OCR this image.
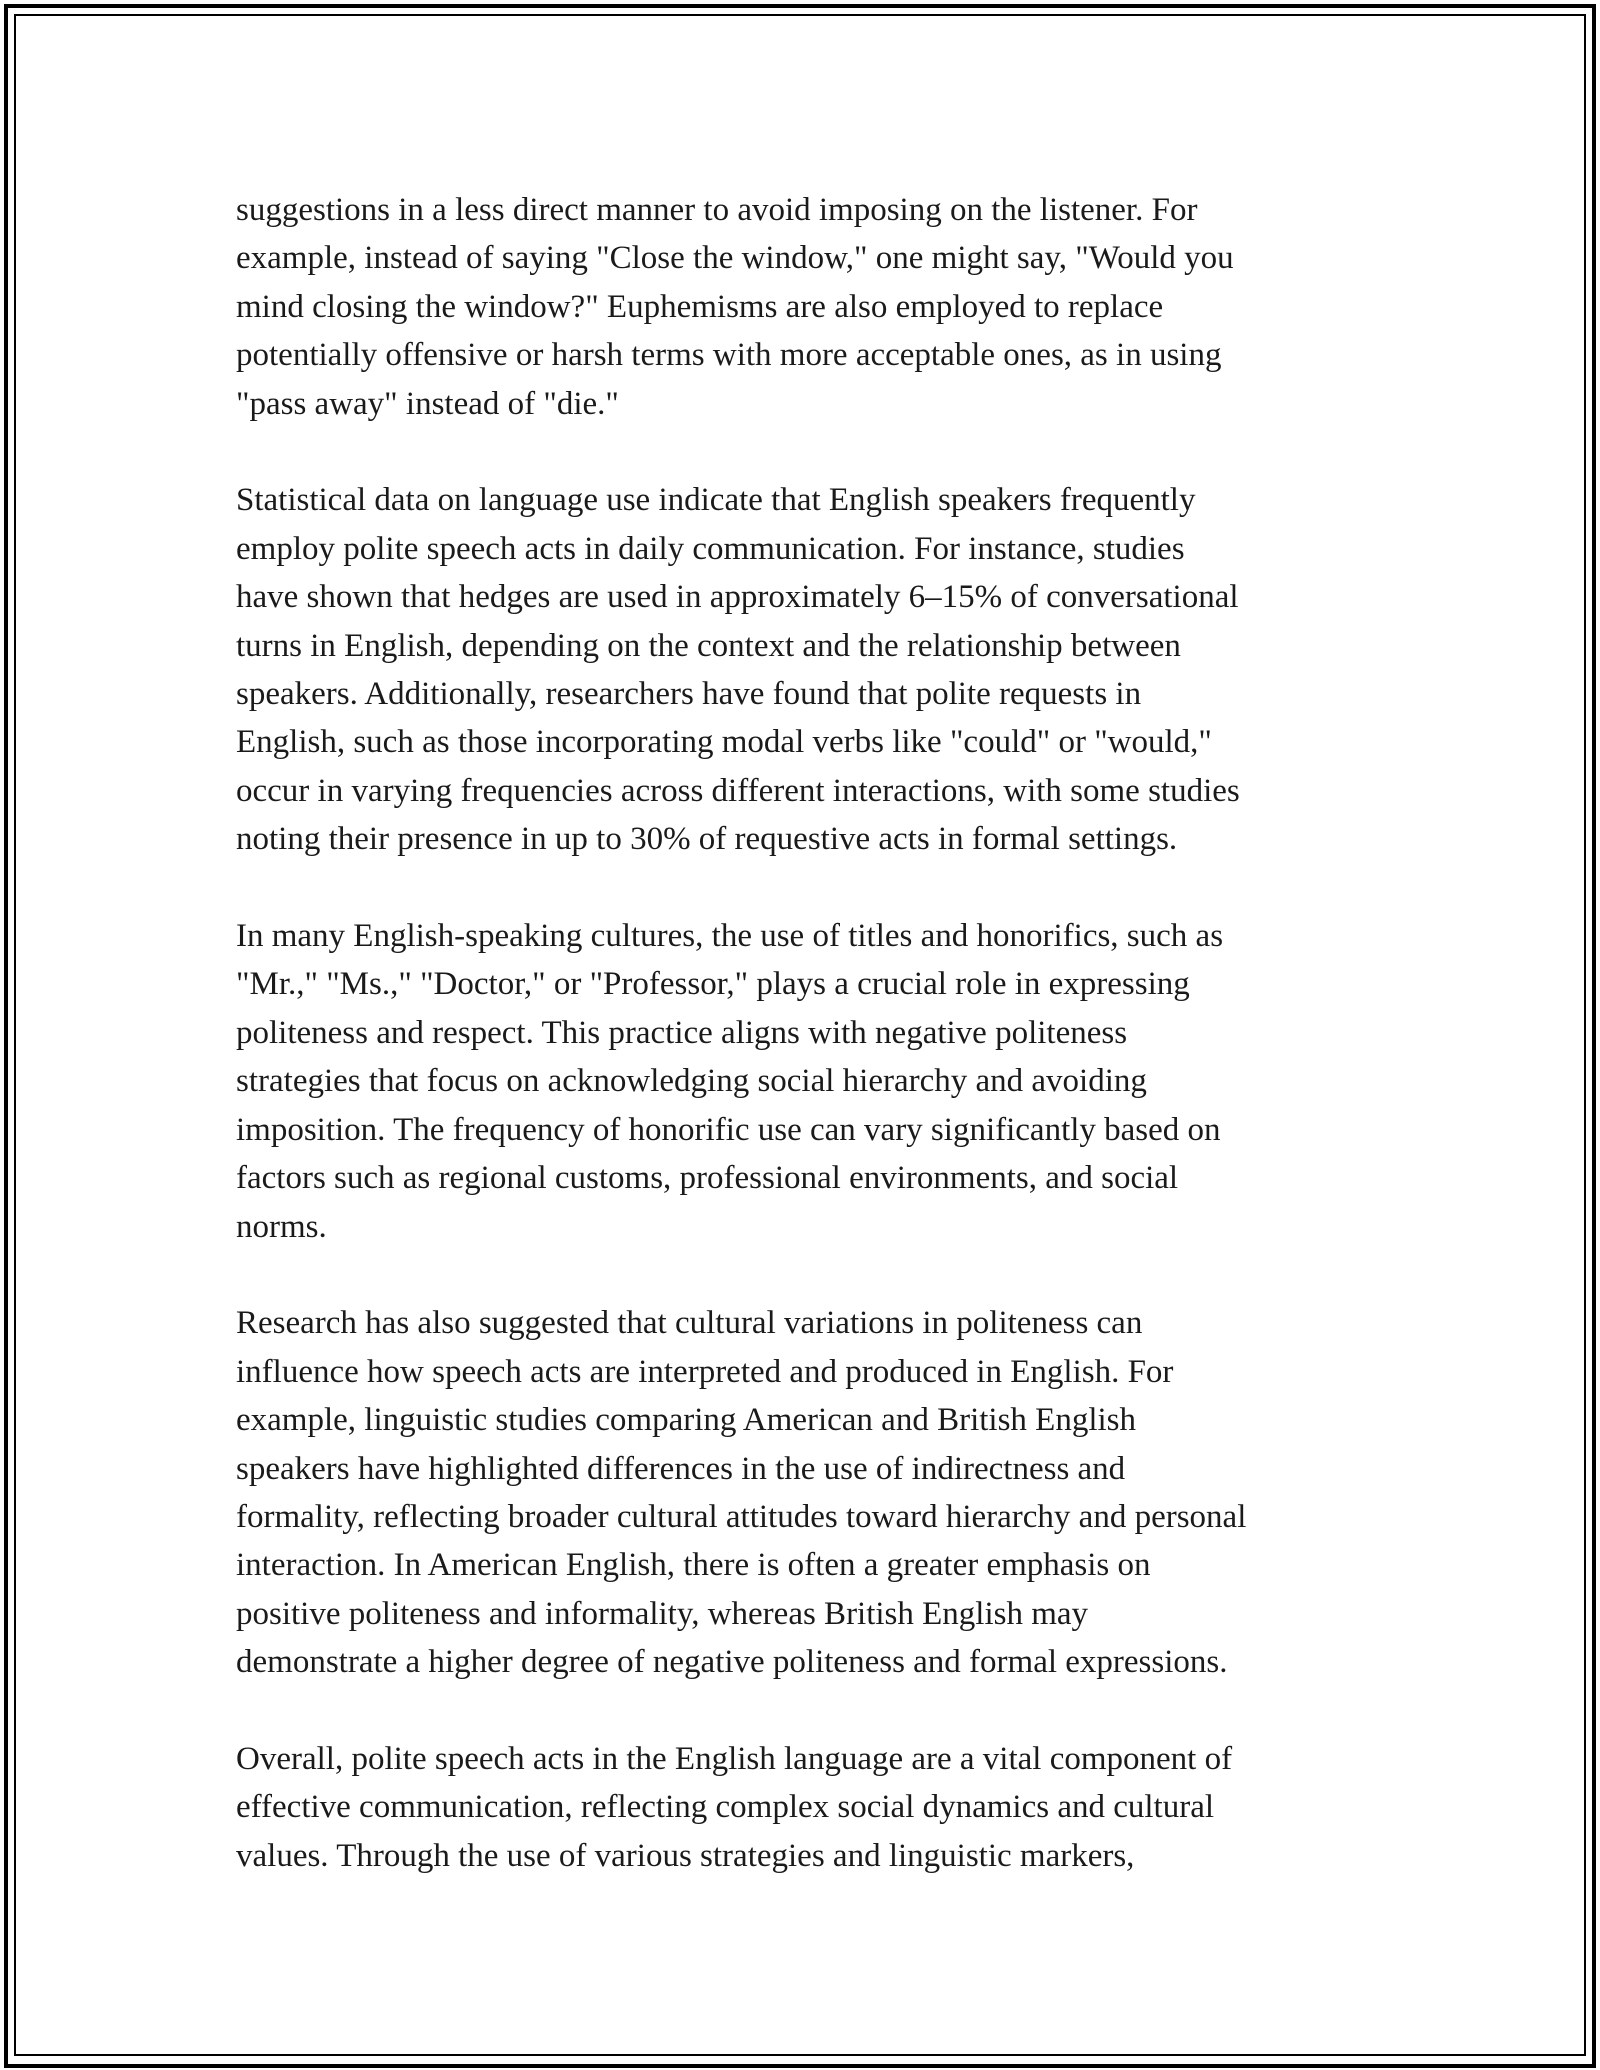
suggestions in a less direct manner to avoid imposing on the listener. For
example, instead of saying "Close the window," one might say, "Would you
mind closing the window?" Euphemisms are also employed to replace
potentially offensive or harsh terms with more acceptable ones, as in using
"pass away" instead of "die."

Statistical data on language use indicate that English speakers frequently
employ polite speech acts in daily communication. For instance, studies
have shown that hedges are used in approximately 6–15% of conversational
turns in English, depending on the context and the relationship between
speakers. Additionally, researchers have found that polite requests in
English, such as those incorporating modal verbs like "could" or "would,"
occur in varying frequencies across different interactions, with some studies
noting their presence in up to 30% of requestive acts in formal settings.

In many English-speaking cultures, the use of titles and honorifics, such as
"Mr.," "Ms.," "Doctor," or "Professor," plays a crucial role in expressing
politeness and respect. This practice aligns with negative politeness
strategies that focus on acknowledging social hierarchy and avoiding
imposition. The frequency of honorific use can vary significantly based on
factors such as regional customs, professional environments, and social
norms.

Research has also suggested that cultural variations in politeness can
influence how speech acts are interpreted and produced in English. For
example, linguistic studies comparing American and British English
speakers have highlighted differences in the use of indirectness and
formality, reflecting broader cultural attitudes toward hierarchy and personal
interaction. In American English, there is often a greater emphasis on
positive politeness and informality, whereas British English may
demonstrate a higher degree of negative politeness and formal expressions.

Overall, polite speech acts in the English language are a vital component of
effective communication, reflecting complex social dynamics and cultural
values. Through the use of various strategies and linguistic markers,
